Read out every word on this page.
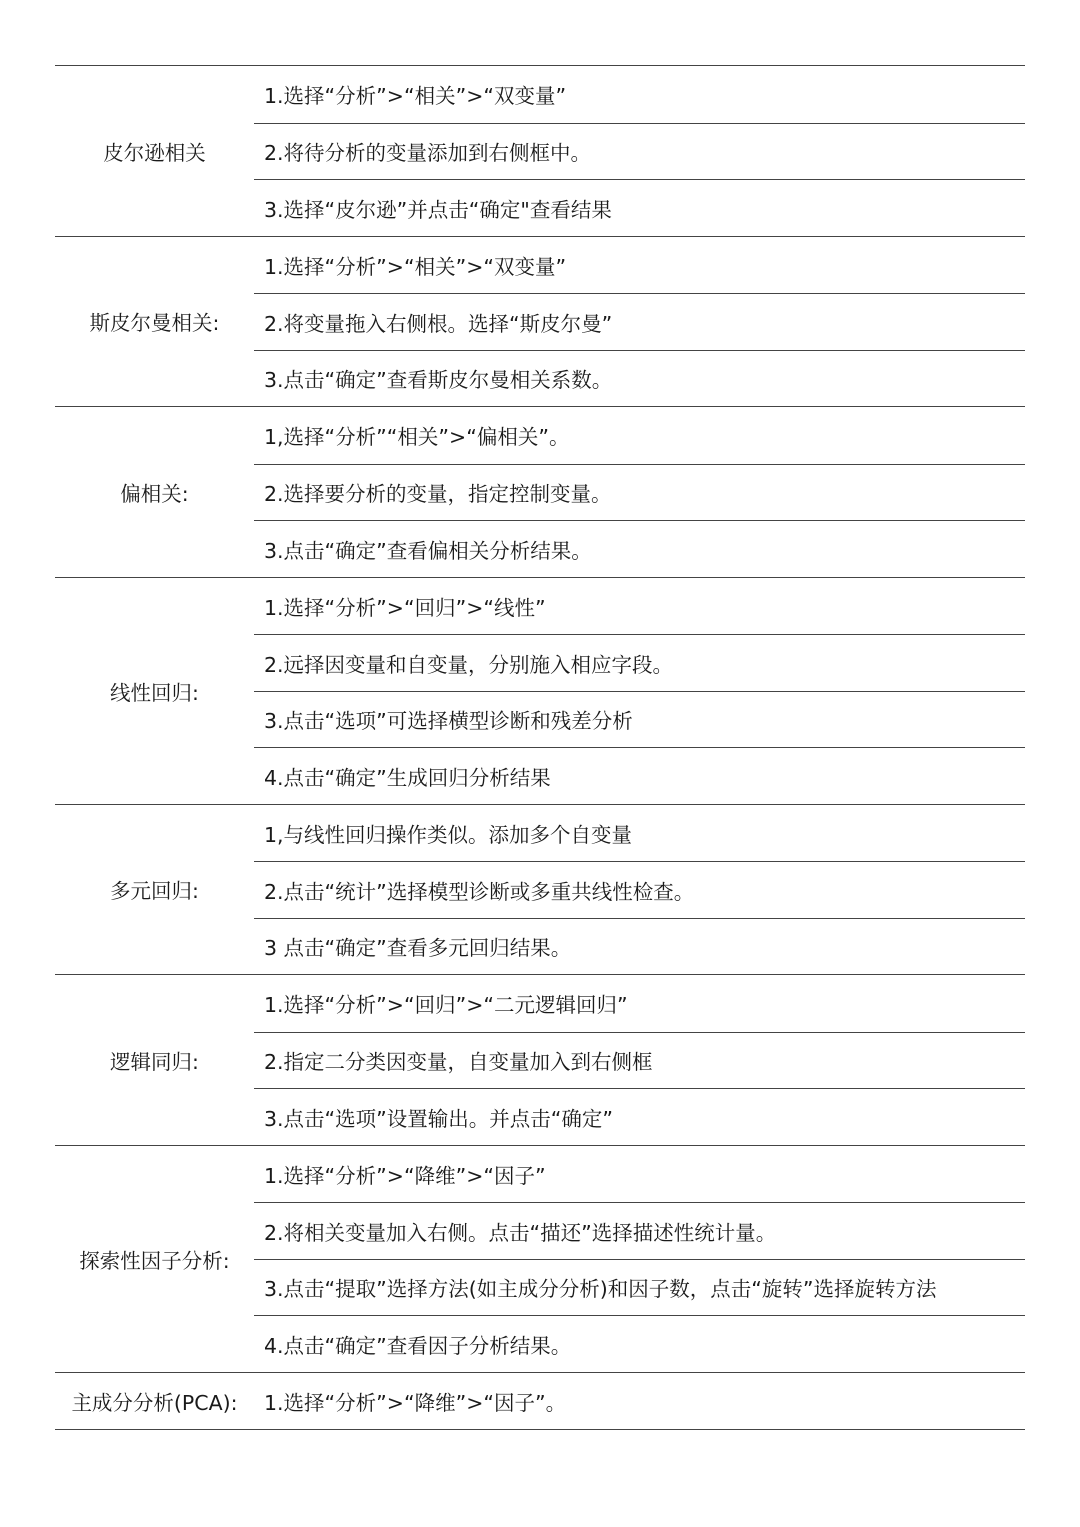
皮尔逊相关
1.选择“分析”>“相关”>“双变量”
2.将待分析的变量添加到右侧框中。
3.选择“皮尔逊”并点击“确定"查看结果
斯皮尔曼相关:
1.选择“分析”>“相关”>“双变量”
2.将变量拖入右侧根。选择“斯皮尔曼”
3.点击“确定”查看斯皮尔曼相关系数。
偏相关:
1,选择“分析”“相关”>“偏相关”。
2.选择要分析的变量，指定控制变量。
3.点击“确定”查看偏相关分析结果。
线性回归:
1.选择“分析”>“回归”>“线性”
2.远择因变量和自变量，分别施入相应字段。
3.点击“选项”可选择横型诊断和残差分析
4.点击“确定”生成回归分析结果
多元回归:
1,与线性回归操作类似。添加多个自变量
2.点击“统计”选择模型诊断或多重共线性检查。
3 点击“确定”查看多元回归结果。
逻辑同归:
1.选择“分析”>“回归”>“二元逻辑回归”
2.指定二分类因变量，自变量加入到右侧框
3.点击“选项”设置输出。并点击“确定”
探索性因子分析:
1.选择“分析”>“降维”>“因子”
2.将相关变量加入右侧。点击“描还”选择描述性统计量。
3.点击“提取”选择方法(如主成分分析)和因子数，点击“旋转”选择旋转方法
4.点击“确定”查看因子分析结果。
主成分分析(PCA):	1.选择“分析”>“降维”>“因子”。
